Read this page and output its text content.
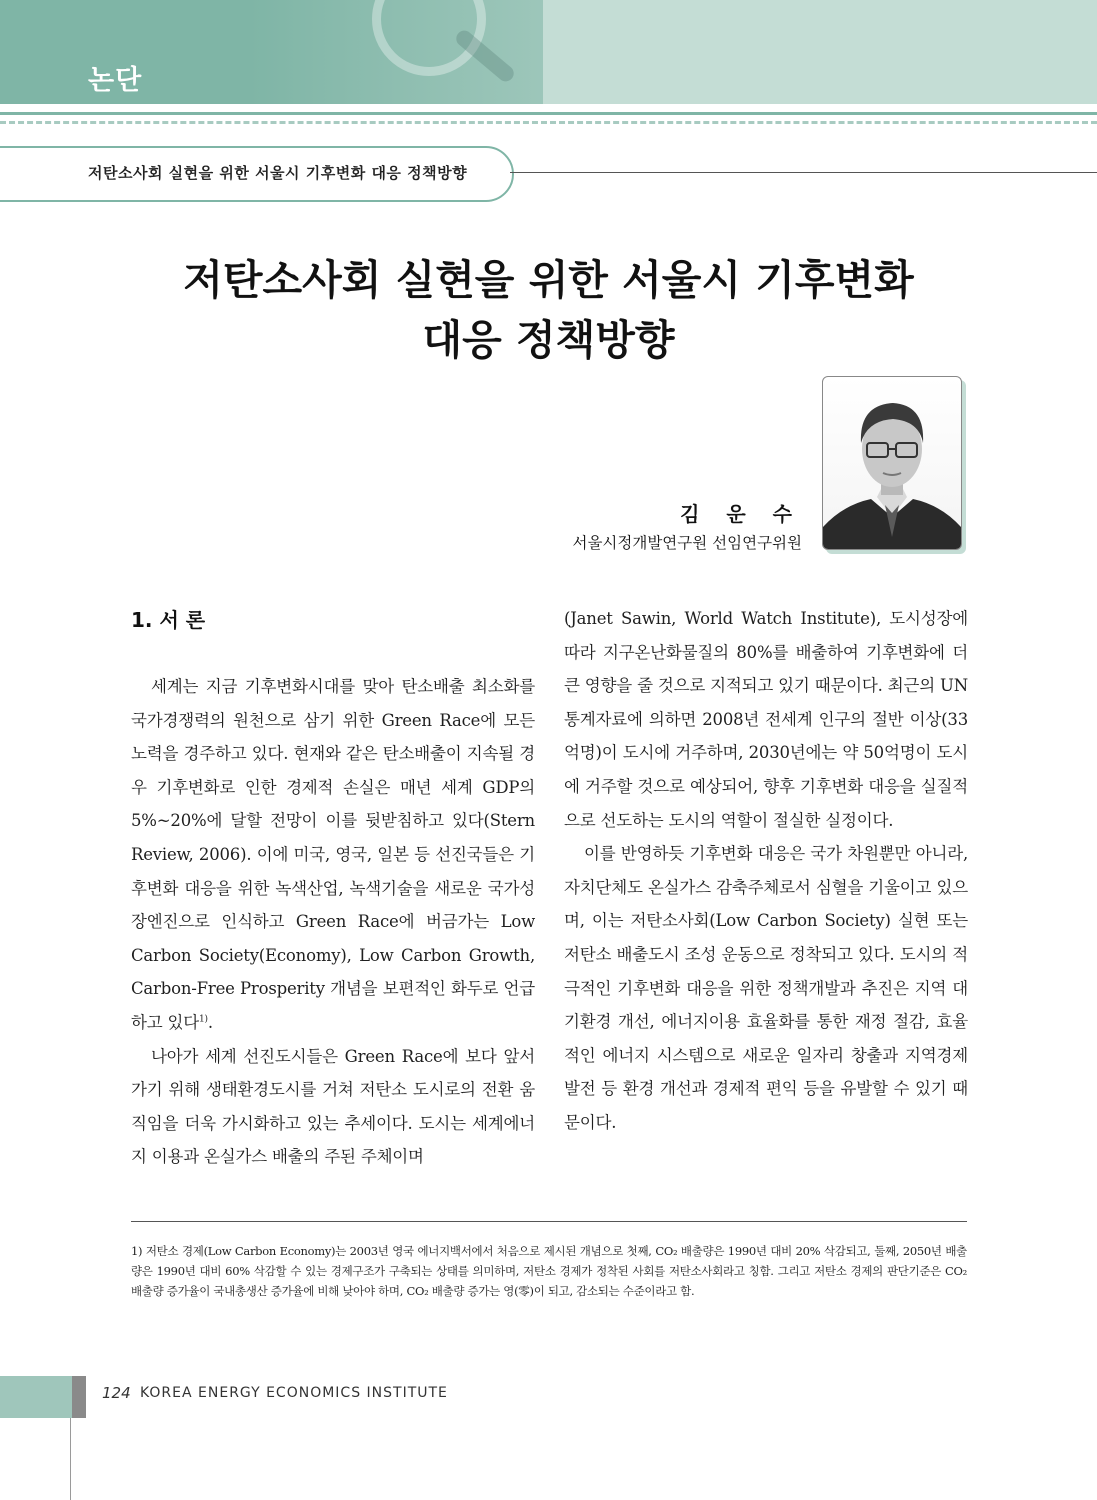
논단
저탄소사회 실현을 위한 서울시 기후변화 대응 정책방향
저탄소사회 실현을 위한 서울시 기후변화
대응 정책방향
김 운 수
서울시정개발연구원 선임연구위원
1. 서 론

세계는 지금 기후변화시대를 맞아 탄소배출 최소화를 국가경쟁력의 원천으로 삼기 위한 Green Race에 모든 노력을 경주하고 있다. 현재와 같은 탄소배출이 지속될 경우 기후변화로 인한 경제적 손실은 매년 세계 GDP의 5%~20%에 달할 전망이 이를 뒷받침하고 있다(Stern Review, 2006). 이에 미국, 영국, 일본 등 선진국들은 기후변화 대응을 위한 녹색산업, 녹색기술을 새로운 국가성장엔진으로 인식하고 Green Race에 버금가는 Low Carbon Society(Economy), Low Carbon Growth, Carbon-Free Prosperity 개념을 보편적인 화두로 언급하고 있다$^{1)}$.

나아가 세계 선진도시들은 Green Race에 보다 앞서가기 위해 생태환경도시를 거쳐 저탄소 도시로의 전환 움직임을 더욱 가시화하고 있는 추세이다. 도시는 세계에너지 이용과 온실가스 배출의 주된 주체이며

(Janet Sawin, World Watch Institute), 도시성장에 따라 지구온난화물질의 80%를 배출하여 기후변화에 더 큰 영향을 줄 것으로 지적되고 있기 때문이다. 최근의 UN 통계자료에 의하면 2008년 전세계 인구의 절반 이상(33억명)이 도시에 거주하며, 2030년에는 약 50억명이 도시에 거주할 것으로 예상되어, 향후 기후변화 대응을 실질적으로 선도하는 도시의 역할이 절실한 실정이다.

이를 반영하듯 기후변화 대응은 국가 차원뿐만 아니라, 자치단체도 온실가스 감축주체로서 심혈을 기울이고 있으며, 이는 저탄소사회(Low Carbon Society) 실현 또는 저탄소 배출도시 조성 운동으로 정착되고 있다. 도시의 적극적인 기후변화 대응을 위한 정책개발과 추진은 지역 대기환경 개선, 에너지이용 효율화를 통한 재정 절감, 효율적인 에너지 시스템으로 새로운 일자리 창출과 지역경제 발전 등 환경 개선과 경제적 편익 등을 유발할 수 있기 때문이다.

1) 저탄소 경제(Low Carbon Economy)는 2003년 영국 에너지백서에서 처음으로 제시된 개념으로 첫째, CO₂ 배출량은 1990년 대비 20% 삭감되고, 둘째, 2050년 배출량은 1990년 대비 60% 삭감할 수 있는 경제구조가 구축되는 상태를 의미하며, 저탄소 경제가 정착된 사회를 저탄소사회라고 칭함. 그리고 저탄소 경제의 판단기준은 CO₂ 배출량 증가율이 국내총생산 증가율에 비해 낮아야 하며, CO₂ 배출량 증가는 영(零)이 되고, 감소되는 수준이라고 함.
124 KOREA ENERGY ECONOMICS INSTITUTE
